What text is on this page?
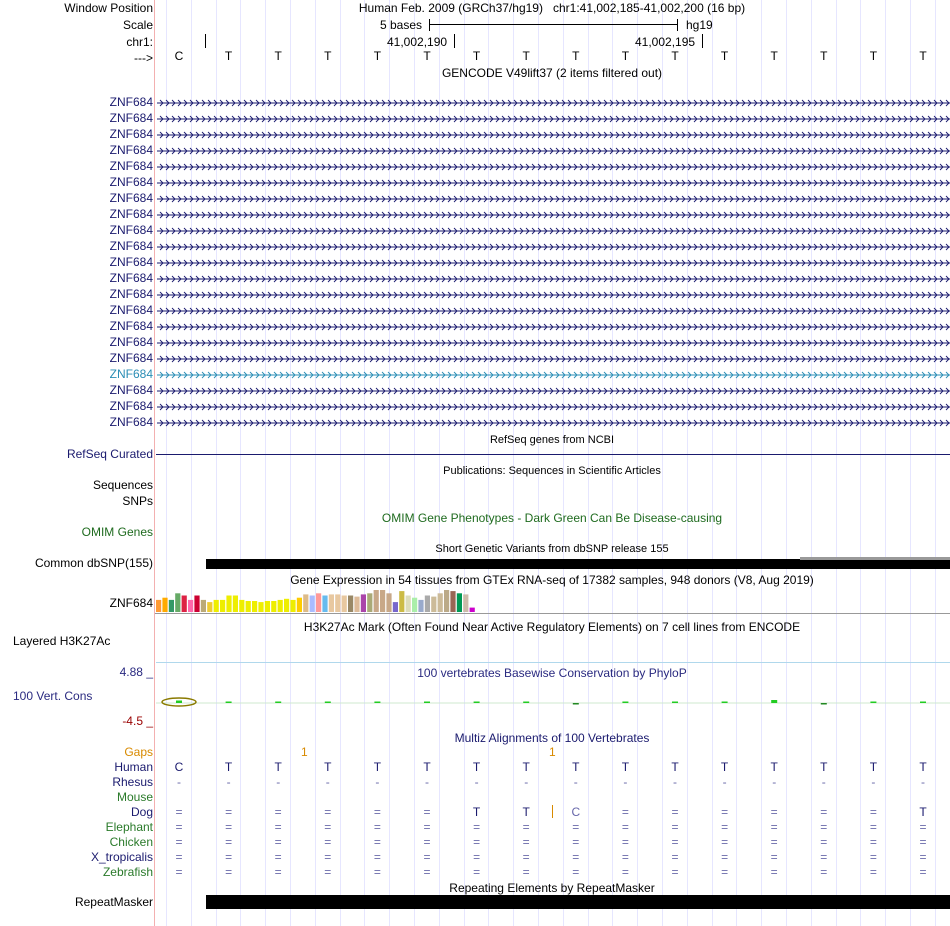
Window Position	Human Feb. 2009 (GRCh37/hg19) chr1:41,002,185-41,002,200 (16 bp)
Scale	5 bases	hg19
chr1:	41,002,190	41,002,195
---> C	T	T	T	T	T	T	T	T	T	T	T	T	T	T	T
GENCODE V49lift37 (2 items filtered out)
ZNF684
ZNF684
ZNF684
ZNF684
ZNF684
ZNF684
ZNF684
ZNF684
ZNF684
ZNF684
ZNF684
ZNF684
ZNF684
ZNF684
ZNF684
ZNF684
ZNF684
ZNF684
ZNF684
ZNF684
ZNF684
RefSeq genes from NCBI
RefSeq Curated
Publications: Sequences in Scientific Articles
Sequences
SNPs
OMIM Gene Phenotypes - Dark Green Can Be Disease-causing
OMIM Genes
Short Genetic Variants from dbSNP release 155
Common dbSNP(155)
Gene Expression in 54 tissues from GTEx RNA-seq of 17382 samples, 948 donors (V8, Aug 2019)
ZNF684
H3K27Ac Mark (Often Found Near Active Regulatory Elements) on 7 cell lines from ENCODE
Layered H3K27Ac
4.88 _	100 vertebrates Basewise Conservation by PhyloP
100 Vert. Cons
-4.5 _
Multiz Alignments of 100 Vertebrates
Gaps	1	1
Human C	T	T	T	T	T	T	T	T	T	T	T	T	T	T	T
Rhesus	-	-	-	-	-	-	-	-	-	-	-	-	-	-	-	-
Mouse
Dog =	=	=	=	=	=	T	T	C	=	=	=	=	=	=	T
Elephant =	=	=	=	=	=	=	=	=	=	=	=	=	=	=	=
Chicken =	=	=	=	=	=	=	=	=	=	=	=	=	=	=	=
X_tropicalis =	=	=	=	=	=	=	=	=	=	=	=	=	=	=	=
Zebrafish =	=	=	=	=	=	=	=	=	=	=	=	=	=	=	=
Repeating Elements by RepeatMasker
RepeatMasker
